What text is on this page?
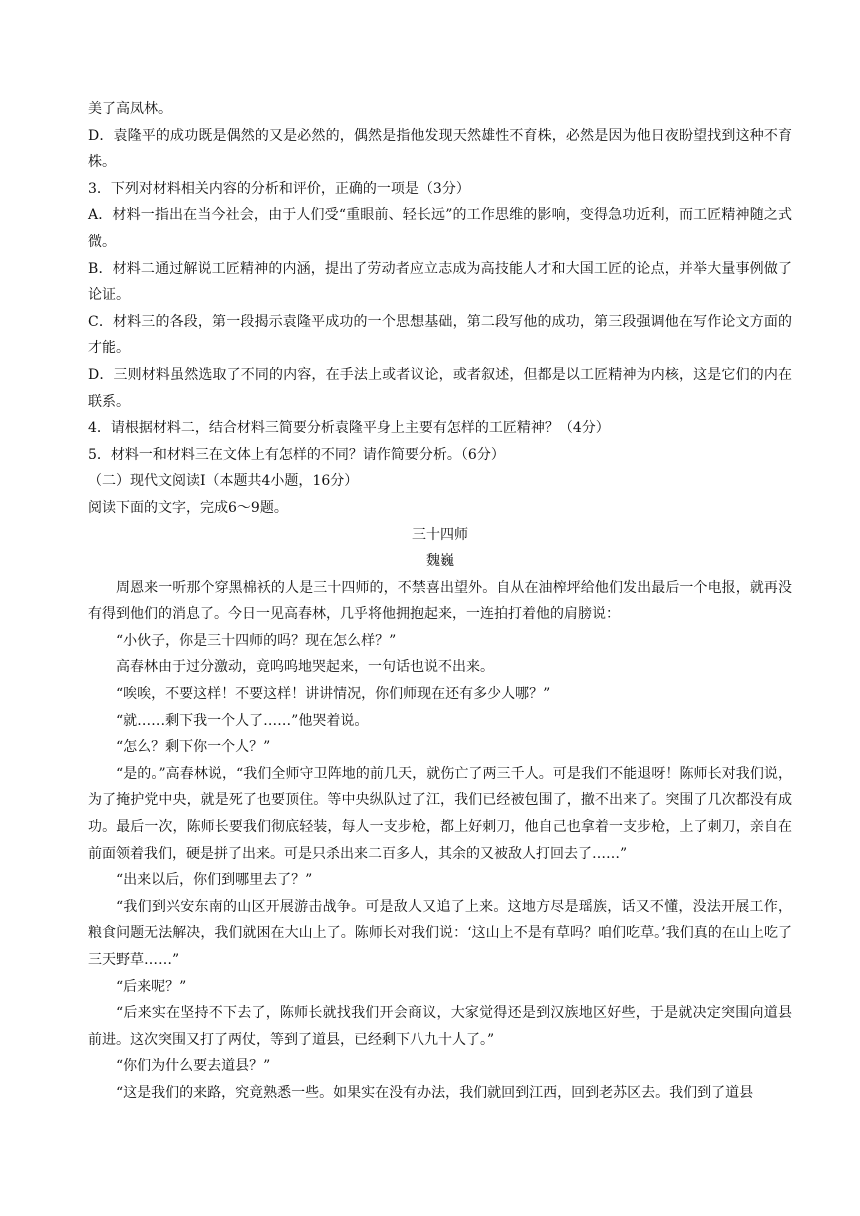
美了高凤林。
D．袁隆平的成功既是偶然的又是必然的，偶然是指他发现天然雄性不育株，必然是因为他日夜盼望找到这种不育株。
3．下列对材料相关内容的分析和评价，正确的一项是（3分）
A．材料一指出在当今社会，由于人们受“重眼前、轻长远”的工作思维的影响，变得急功近利，而工匠精神随之式微。
B．材料二通过解说工匠精神的内涵，提出了劳动者应立志成为高技能人才和大国工匠的论点，并举大量事例做了论证。
C．材料三的各段，第一段揭示袁隆平成功的一个思想基础，第二段写他的成功，第三段强调他在写作论文方面的才能。
D．三则材料虽然选取了不同的内容，在手法上或者议论，或者叙述，但都是以工匠精神为内核，这是它们的内在联系。
4．请根据材料二，结合材料三简要分析袁隆平身上主要有怎样的工匠精神？（4分）
5．材料一和材料三在文体上有怎样的不同？请作简要分析。（6分）
（二）现代文阅读Ⅰ（本题共4小题，16分）
阅读下面的文字，完成6～9题。
三十四师
魏巍
周恩来一听那个穿黑棉袄的人是三十四师的，不禁喜出望外。自从在油榨坪给他们发出最后一个电报，就再没有得到他们的消息了。今日一见高春林，几乎将他拥抱起来，一连拍打着他的肩膀说：
“小伙子，你是三十四师的吗？现在怎么样？”
高春林由于过分激动，竟呜呜地哭起来，一句话也说不出来。
“唉唉，不要这样！不要这样！讲讲情况，你们师现在还有多少人哪？”
“就……剩下我一个人了……”他哭着说。
“怎么？剩下你一个人？”
“是的。”高春林说，“我们全师守卫阵地的前几天，就伤亡了两三千人。可是我们不能退呀！陈师长对我们说，为了掩护党中央，就是死了也要顶住。等中央纵队过了江，我们已经被包围了，撤不出来了。突围了几次都没有成功。最后一次，陈师长要我们彻底轻装，每人一支步枪，都上好刺刀，他自己也拿着一支步枪，上了刺刀，亲自在前面领着我们，硬是拼了出来。可是只杀出来二百多人，其余的又被敌人打回去了……”
“出来以后，你们到哪里去了？”
“我们到兴安东南的山区开展游击战争。可是敌人又追了上来。这地方尽是瑶族，话又不懂，没法开展工作，粮食问题无法解决，我们就困在大山上了。陈师长对我们说：‘这山上不是有草吗？咱们吃草。’我们真的在山上吃了三天野草……”
“后来呢？”
“后来实在坚持不下去了，陈师长就找我们开会商议，大家觉得还是到汉族地区好些，于是就决定突围向道县前进。这次突围又打了两仗，等到了道县，已经剩下八九十人了。”
“你们为什么要去道县？”
“这是我们的来路，究竟熟悉一些。如果实在没有办法，我们就回到江西，回到老苏区去。我们到了道县
